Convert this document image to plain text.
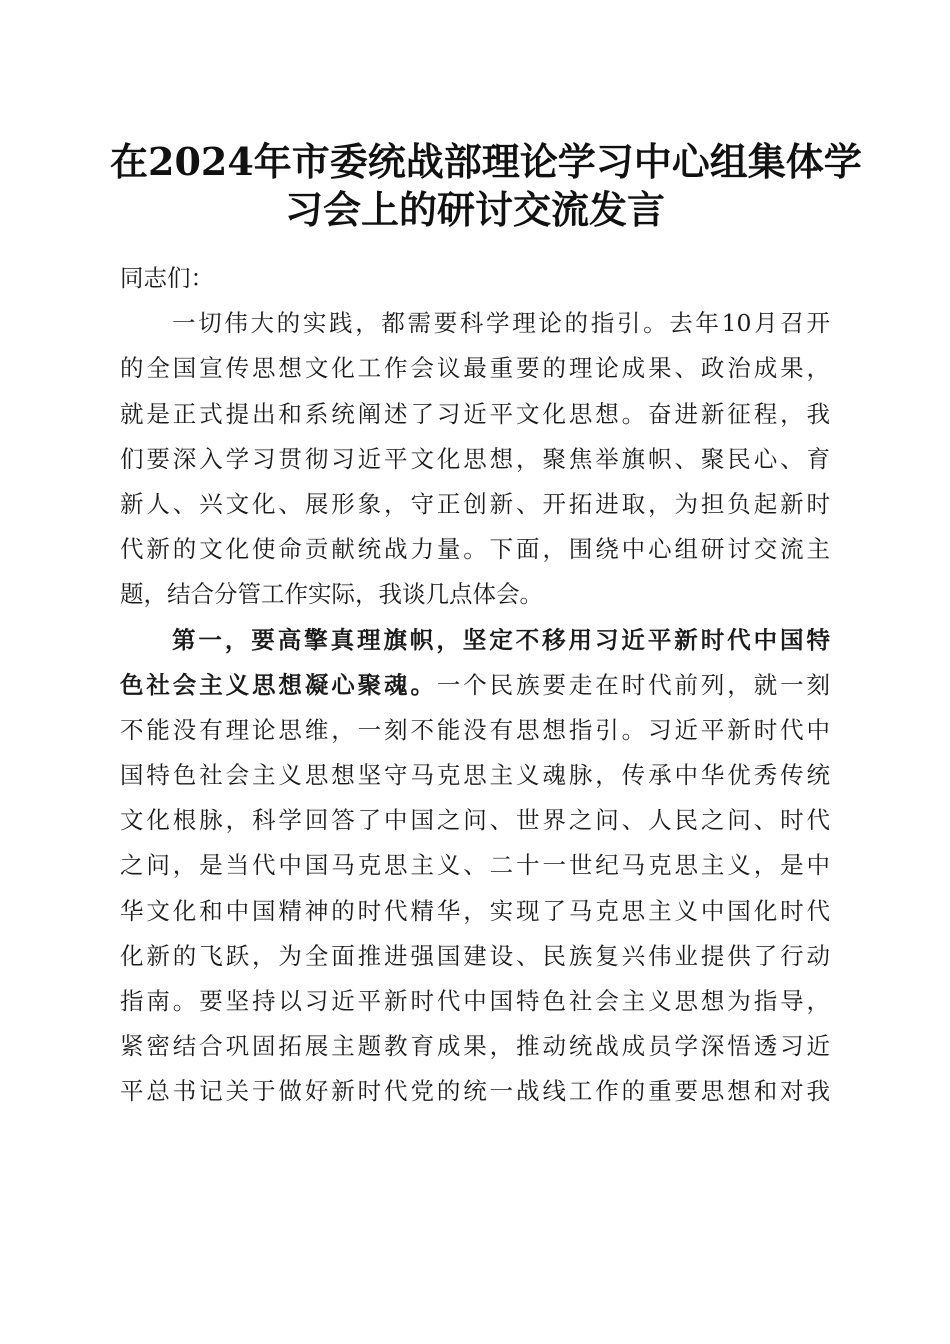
在2024年市委统战部理论学习中心组集体学
习会上的研讨交流发言
同志们：
一切伟大的实践，都需要科学理论的指引。去年10月召开
的全国宣传思想文化工作会议最重要的理论成果、政治成果，
就是正式提出和系统阐述了习近平文化思想。奋进新征程，我
们要深入学习贯彻习近平文化思想，聚焦举旗帜、聚民心、育
新人、兴文化、展形象，守正创新、开拓进取，为担负起新时
代新的文化使命贡献统战力量。下面，围绕中心组研讨交流主
题，结合分管工作实际，我谈几点体会。
第一，要高擎真理旗帜，坚定不移用习近平新时代中国特
色社会主义思想凝心聚魂。一个民族要走在时代前列，就一刻
不能没有理论思维，一刻不能没有思想指引。习近平新时代中
国特色社会主义思想坚守马克思主义魂脉，传承中华优秀传统
文化根脉，科学回答了中国之问、世界之问、人民之问、时代
之问，是当代中国马克思主义、二十一世纪马克思主义，是中
华文化和中国精神的时代精华，实现了马克思主义中国化时代
化新的飞跃，为全面推进强国建设、民族复兴伟业提供了行动
指南。要坚持以习近平新时代中国特色社会主义思想为指导，
紧密结合巩固拓展主题教育成果，推动统战成员学深悟透习近
平总书记关于做好新时代党的统一战线工作的重要思想和对我
